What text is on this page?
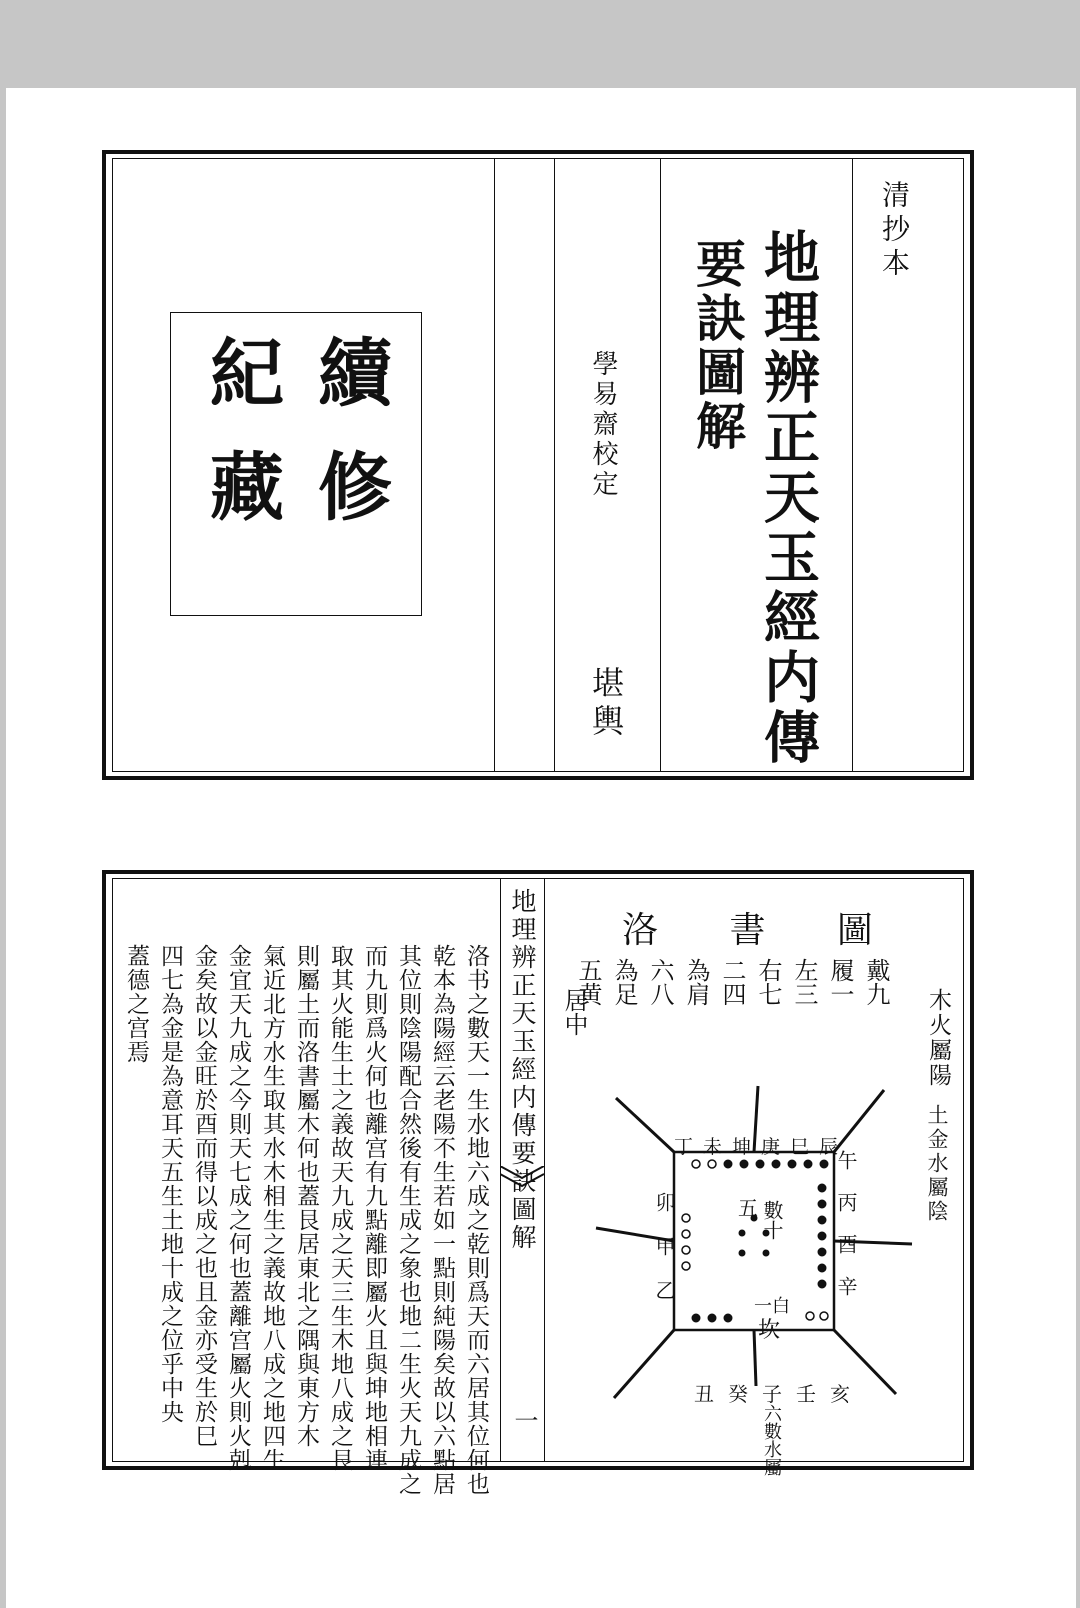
清抄本
地理辨正天玉經内傳
要訣圖解
學易齋校定
堪輿
續修
紀藏
地理辨正天玉經内傳要訣圖解
一
洛书之數天一生水地六成之乾則爲天而六居其位何也
乾本為陽經云老陽不生若如一點則純陽矣故以六點居
其位則陰陽配合然後有生成之象也地二生火天九成之
而九則爲火何也離宫有九點離即屬火且與坤地相連
取其火能生土之義故天九成之天三生木地八成之艮
則屬土而洛書屬木何也蓋艮居東北之隅與東方木
氣近北方水生取其水木相生之義故地八成之地四生
金宜天九成之今則天七成之何也蓋離宫屬火則火剋
金矣故以金旺於酉而得以成之也且金亦受生於巳
四七為金是為意耳天五生土地十成之位乎中央
蓋德之宫焉
洛 書 圖
戴九
履一
左三
右七
二四
為肩
六八
為足
五黄
居中	木火屬陽
土金水屬陰
五 數十
一白
坎
丑 癸 子 壬 亥
六數水屬
卯甲乙
午丙酉辛
丁 未 坤 庚 巳 辰
